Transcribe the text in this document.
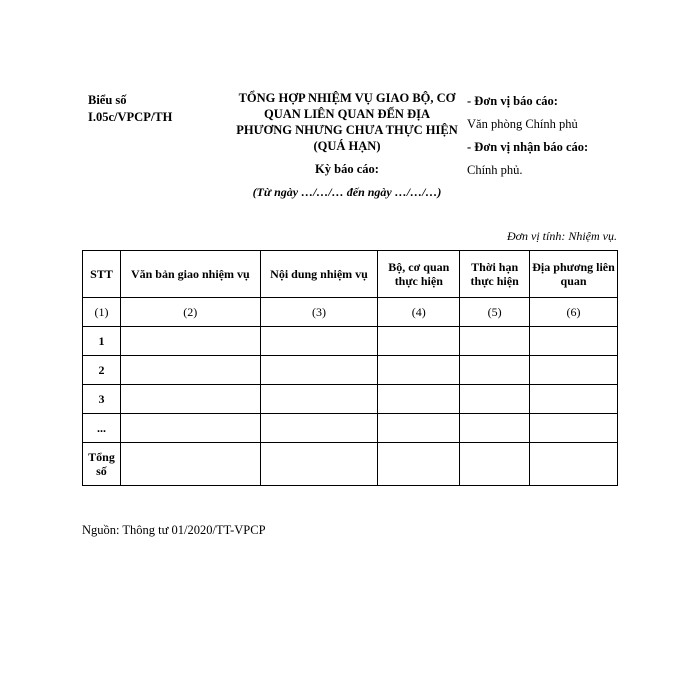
Biểu số
I.05c/VPCP/TH
TỔNG HỢP NHIỆM VỤ GIAO BỘ, CƠ QUAN LIÊN QUAN ĐẾN ĐỊA PHƯƠNG NHƯNG CHƯA THỰC HIỆN
(QUÁ HẠN)
Kỳ báo cáo:
(Từ ngày …/…/… đến ngày …/…/…)
- Đơn vị báo cáo:
Văn phòng Chính phủ
- Đơn vị nhận báo cáo:
Chính phủ.
Đơn vị tính: Nhiệm vụ.
STT	Văn bản giao nhiệm vụ	Nội dung nhiệm vụ	Bộ, cơ quan thực hiện	Thời hạn thực hiện	Địa phương liên quan
(1)	(2)	(3)	(4)	(5)	(6)
1					
2					
3					
...					
Tổng số					
Nguồn: Thông tư 01/2020/TT-VPCP
